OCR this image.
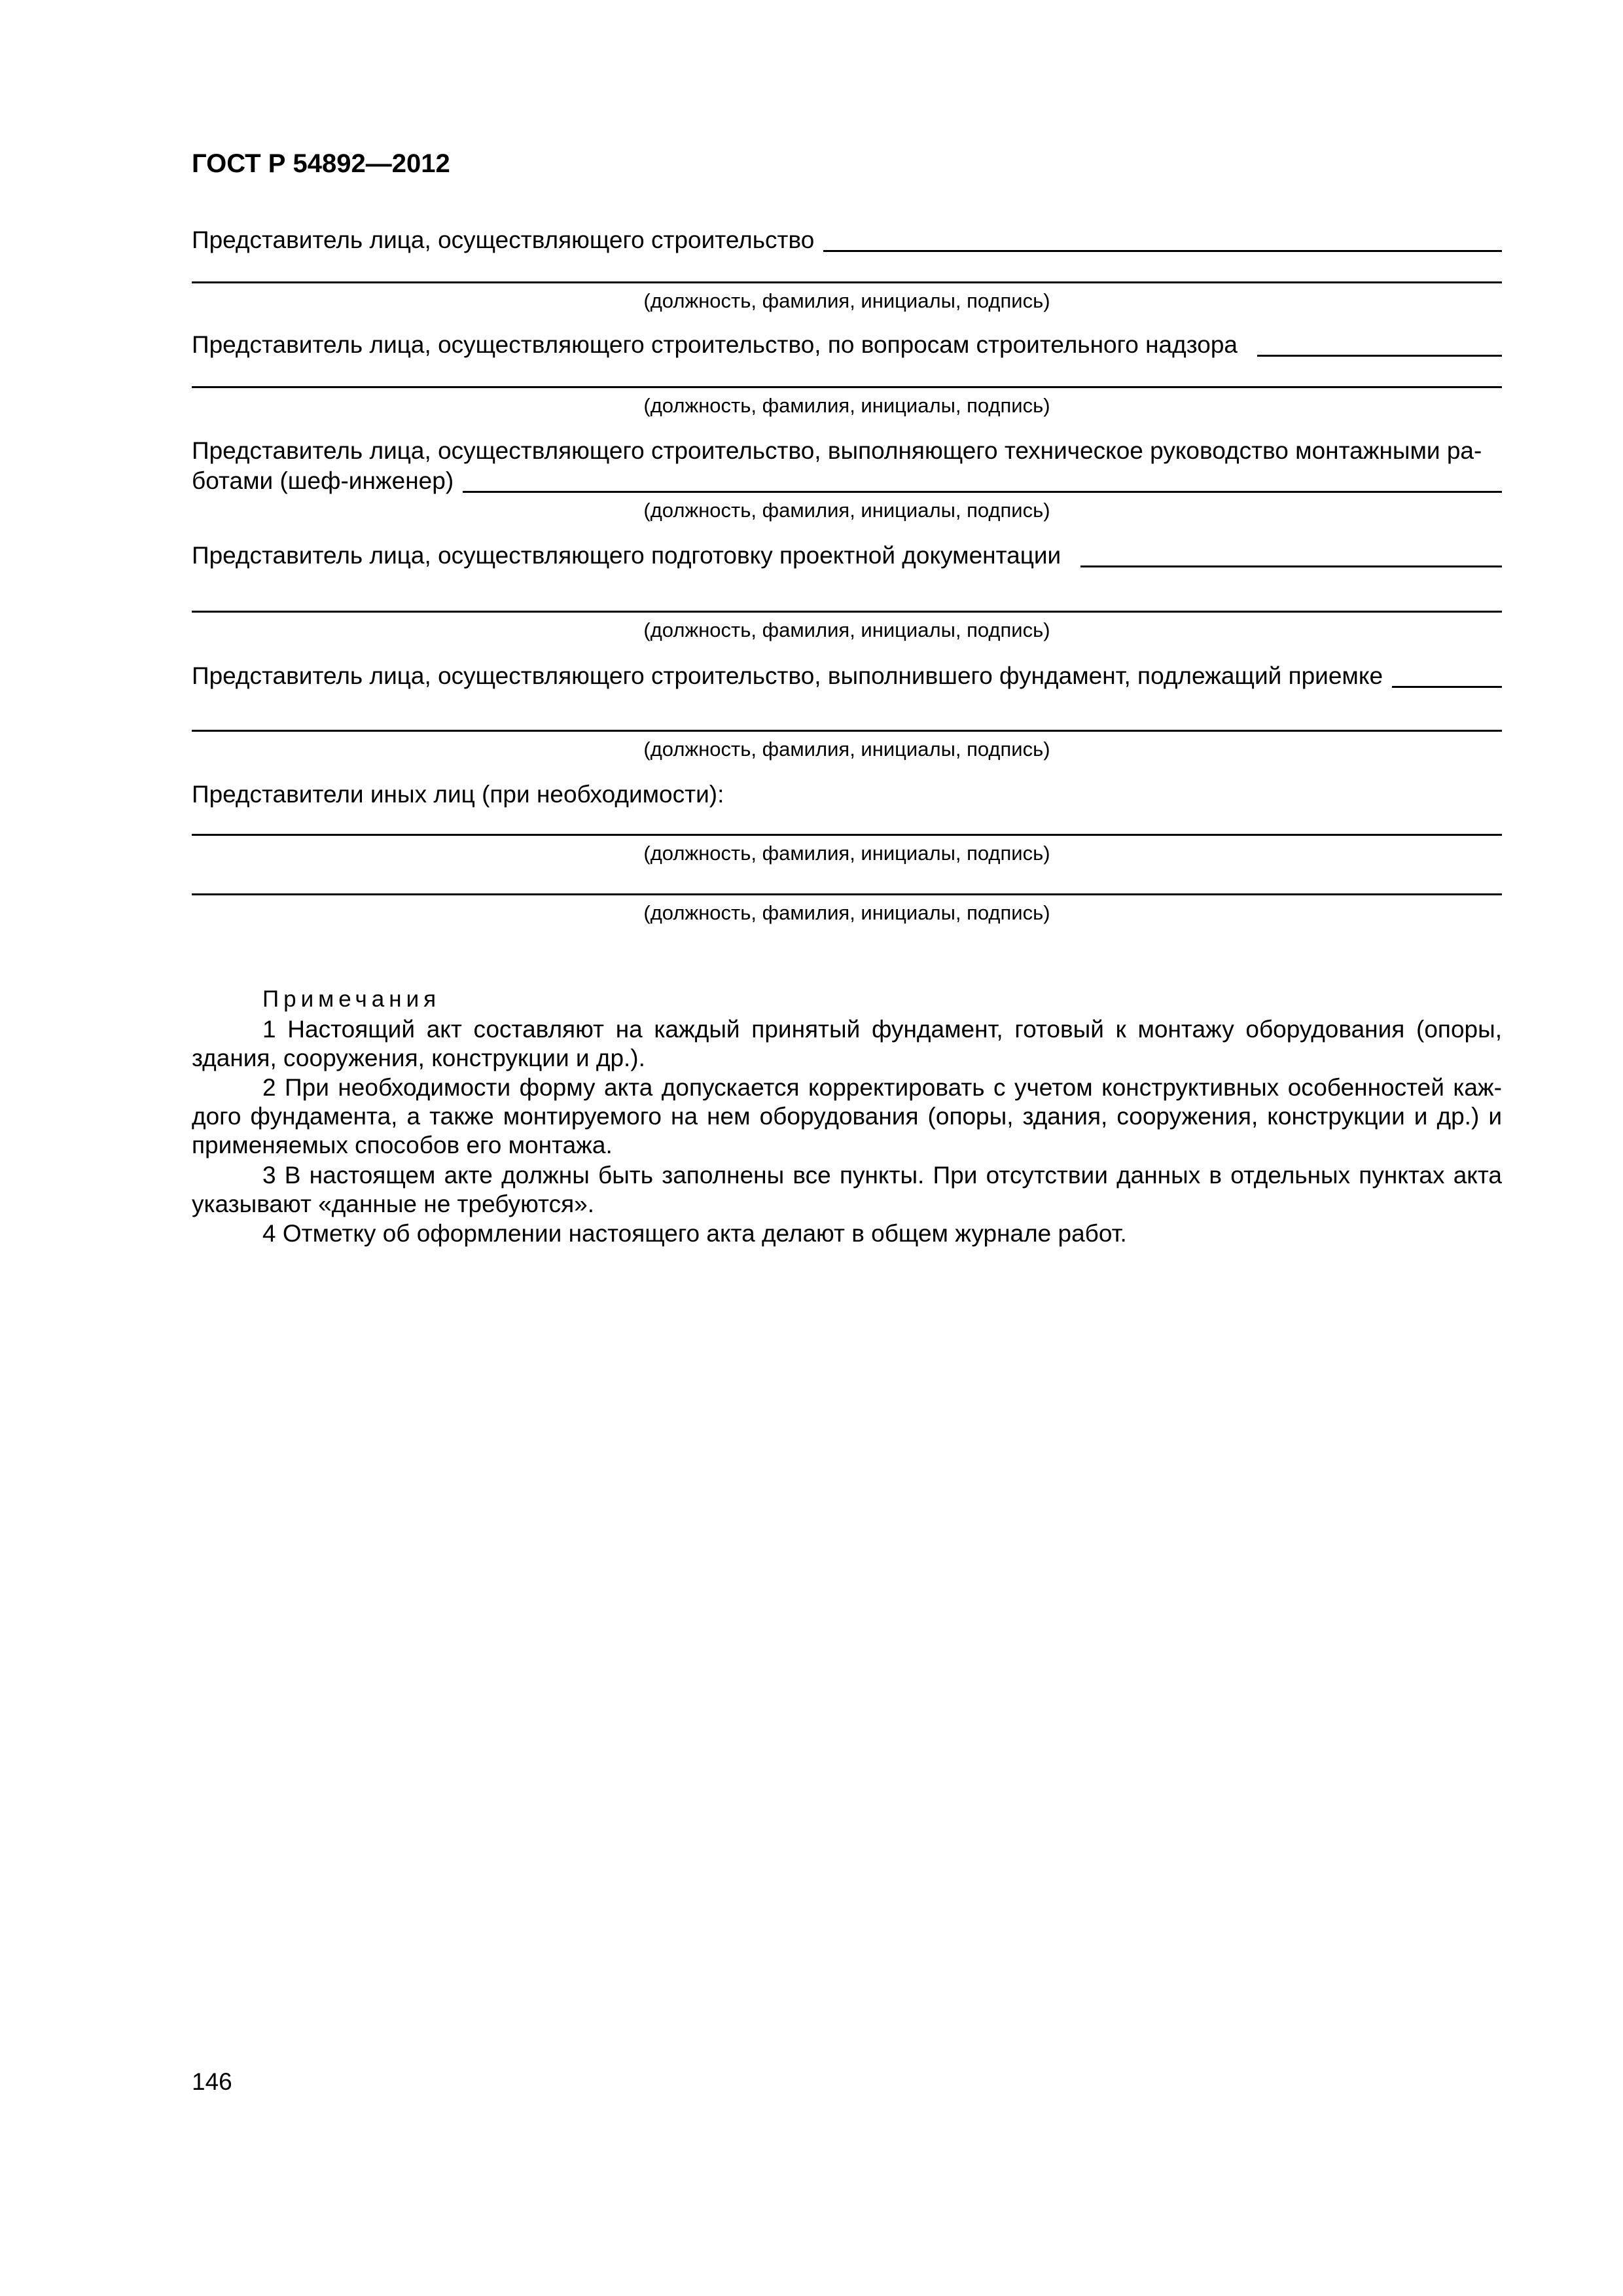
ГОСТ Р 54892—2012
Представитель лица, осуществляющего строительство
(должность, фамилия, инициалы, подпись)
Представитель лица, осуществляющего строительство, по вопросам строительного надзора
(должность, фамилия, инициалы, подпись)
Представитель лица, осуществляющего строительство, выполняющего техническое руководство монтажными ра-
ботами (шеф-инженер)
(должность, фамилия, инициалы, подпись)
Представитель лица, осуществляющего подготовку проектной документации
(должность, фамилия, инициалы, подпись)
Представитель лица, осуществляющего строительство, выполнившего фундамент, подлежащий приемке
(должность, фамилия, инициалы, подпись)
Представители иных лиц (при необходимости):
(должность, фамилия, инициалы, подпись)
(должность, фамилия, инициалы, подпись)
Примечания
1 Настоящий акт составляют на каждый принятый фундамент, готовый к монтажу оборудования (опоры, здания, сооружения, конструкции и др.).
2 При необходимости форму акта допускается корректировать с учетом конструктивных особенностей каж-дого фундамента, а также монтируемого на нем оборудования (опоры, здания, сооружения, конструкции и др.) и применяемых способов его монтажа.
3 В настоящем акте должны быть заполнены все пункты. При отсутствии данных в отдельных пунктах акта указывают «данные не требуются».
4 Отметку об оформлении настоящего акта делают в общем журнале работ.
146
